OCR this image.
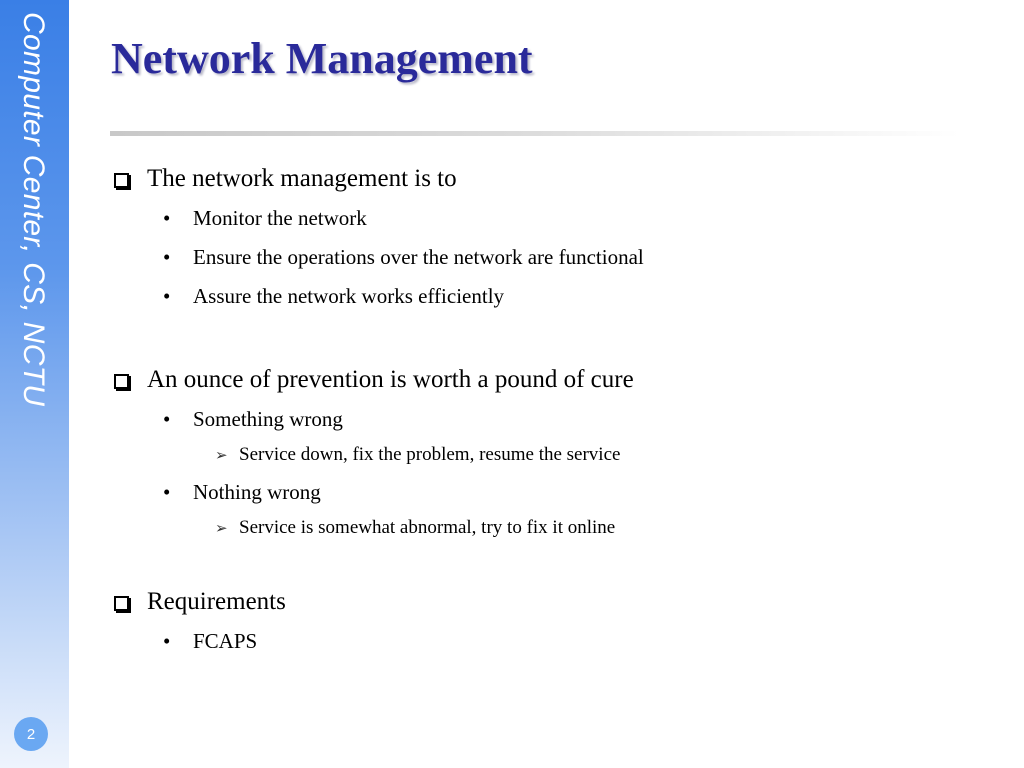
Computer Center, CS, NCTU
2
Network Management
The network management is to
•	Monitor the network
•	Ensure the operations over the network are functional
•	Assure the network works efficiently
An ounce of prevention is worth a pound of cure
•	Something wrong
➢ Service down, fix the problem, resume the service
•	Nothing wrong
➢ Service is somewhat abnormal, try to fix it online
Requirements
•	FCAPS
